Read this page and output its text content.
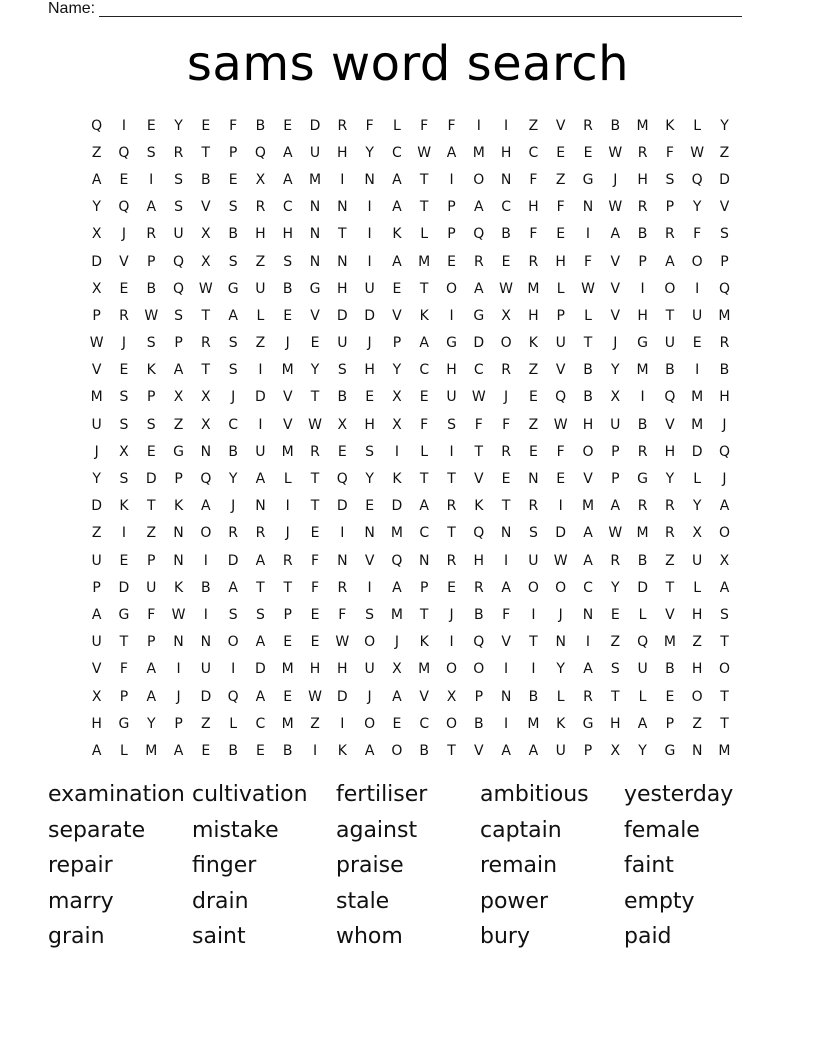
Name:
sams word search
Q	I	E	Y	E	F	B	E	D	R	F	L	F	F	I	I	Z	V	R	B	M	K	L	Y
Z	Q	S	R	T	P	Q	A	U	H	Y	C	W	A	M	H	C	E	E	W	R	F	W	Z
A	E	I	S	B	E	X	A	M	I	N	A	T	I	O	N	F	Z	G	J	H	S	Q	D
Y	Q	A	S	V	S	R	C	N	N	I	A	T	P	A	C	H	F	N	W	R	P	Y	V
X	J	R	U	X	B	H	H	N	T	I	K	L	P	Q	B	F	E	I	A	B	R	F	S
D	V	P	Q	X	S	Z	S	N	N	I	A	M	E	R	E	R	H	F	V	P	A	O	P
X	E	B	Q	W	G	U	B	G	H	U	E	T	O	A	W	M	L	W	V	I	O	I	Q
P	R	W	S	T	A	L	E	V	D	D	V	K	I	G	X	H	P	L	V	H	T	U	M
W	J	S	P	R	S	Z	J	E	U	J	P	A	G	D	O	K	U	T	J	G	U	E	R
V	E	K	A	T	S	I	M	Y	S	H	Y	C	H	C	R	Z	V	B	Y	M	B	I	B
M	S	P	X	X	J	D	V	T	B	E	X	E	U	W	J	E	Q	B	X	I	Q	M	H
U	S	S	Z	X	C	I	V	W	X	H	X	F	S	F	F	Z	W	H	U	B	V	M	J
J	X	E	G	N	B	U	M	R	E	S	I	L	I	T	R	E	F	O	P	R	H	D	Q
Y	S	D	P	Q	Y	A	L	T	Q	Y	K	T	T	V	E	N	E	V	P	G	Y	L	J
D	K	T	K	A	J	N	I	T	D	E	D	A	R	K	T	R	I	M	A	R	R	Y	A
Z	I	Z	N	O	R	R	J	E	I	N	M	C	T	Q	N	S	D	A	W	M	R	X	O
U	E	P	N	I	D	A	R	F	N	V	Q	N	R	H	I	U	W	A	R	B	Z	U	X
P	D	U	K	B	A	T	T	F	R	I	A	P	E	R	A	O	O	C	Y	D	T	L	A
A	G	F	W	I	S	S	P	E	F	S	M	T	J	B	F	I	J	N	E	L	V	H	S
U	T	P	N	N	O	A	E	E	W	O	J	K	I	Q	V	T	N	I	Z	Q	M	Z	T
V	F	A	I	U	I	D	M	H	H	U	X	M	O	O	I	I	Y	A	S	U	B	H	O
X	P	A	J	D	Q	A	E	W	D	J	A	V	X	P	N	B	L	R	T	L	E	O	T
H	G	Y	P	Z	L	C	M	Z	I	O	E	C	O	B	I	M	K	G	H	A	P	Z	T
A	L	M	A	E	B	E	B	I	K	A	O	B	T	V	A	A	U	P	X	Y	G	N	M
examination cultivation	fertiliser	ambitious	yesterday
separate	mistake	against	captain	female
repair	finger	praise	remain	faint
marry	drain	stale	power	empty
grain	saint	whom	bury	paid
